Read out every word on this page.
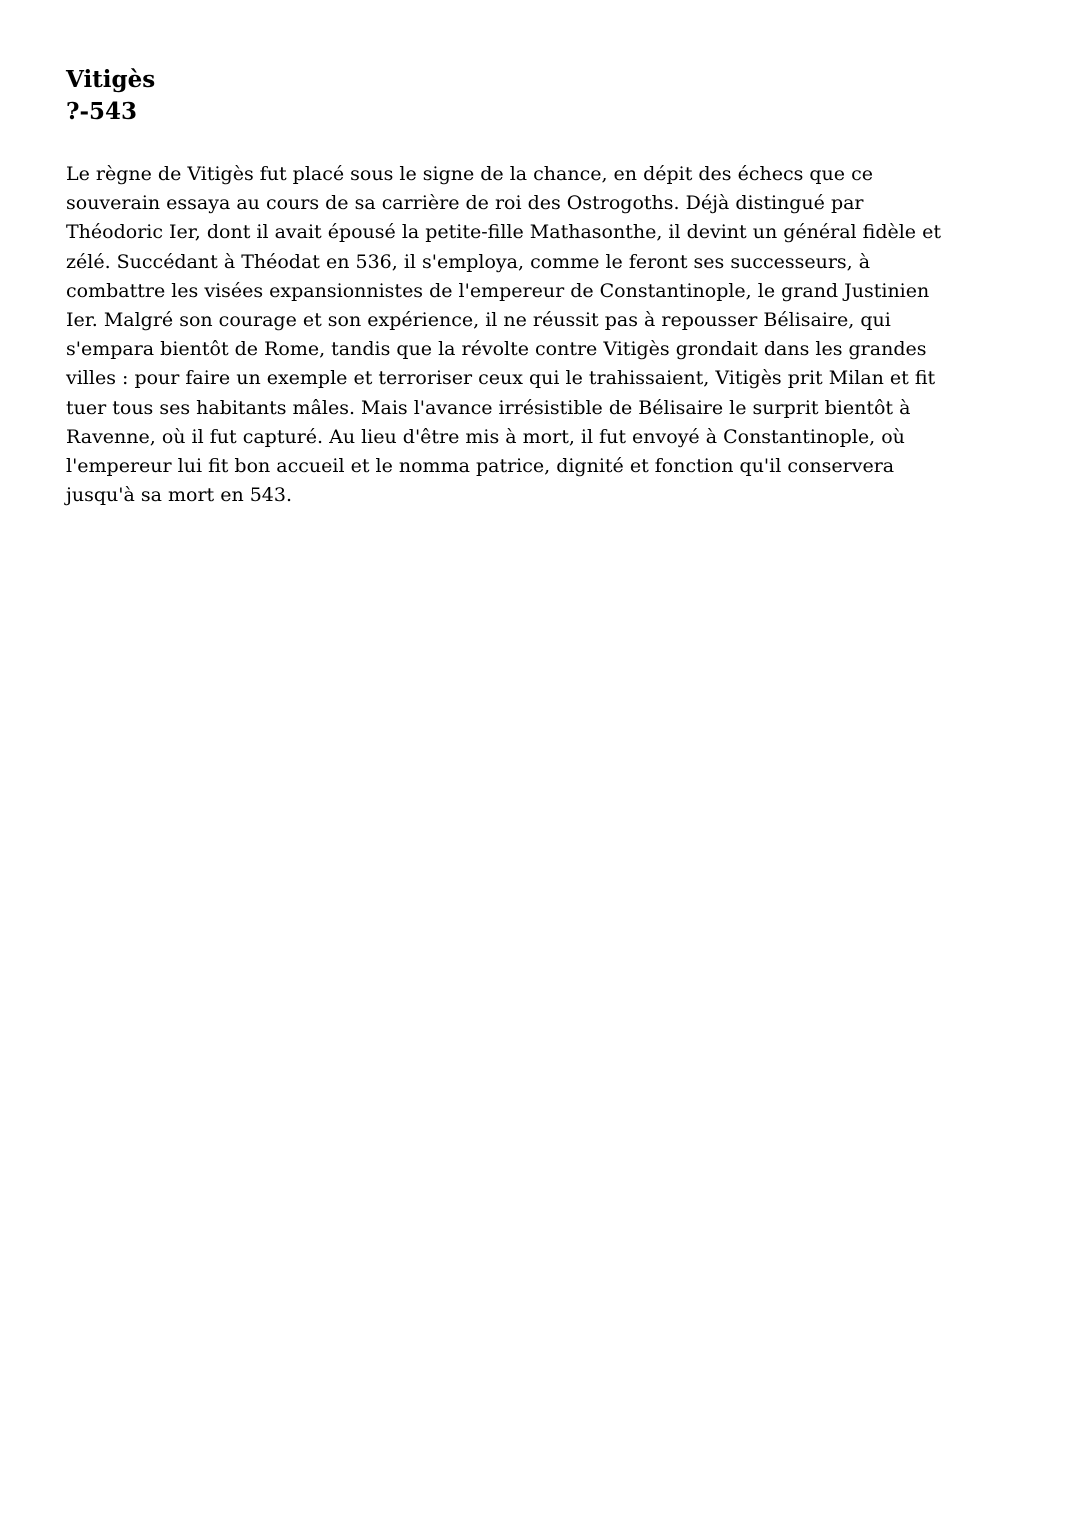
Vitigès
?-543

Le règne de Vitigès fut placé sous le signe de la chance, en dépit des échecs que ce
souverain essaya au cours de sa carrière de roi des Ostrogoths. Déjà distingué par
Théodoric Ier, dont il avait épousé la petite-fille Mathasonthe, il devint un général fidèle et
zélé. Succédant à Théodat en 536, il s'employa, comme le feront ses successeurs, à
combattre les visées expansionnistes de l'empereur de Constantinople, le grand Justinien
Ier. Malgré son courage et son expérience, il ne réussit pas à repousser Bélisaire, qui
s'empara bientôt de Rome, tandis que la révolte contre Vitigès grondait dans les grandes
villes : pour faire un exemple et terroriser ceux qui le trahissaient, Vitigès prit Milan et fit
tuer tous ses habitants mâles. Mais l'avance irrésistible de Bélisaire le surprit bientôt à
Ravenne, où il fut capturé. Au lieu d'être mis à mort, il fut envoyé à Constantinople, où
l'empereur lui fit bon accueil et le nomma patrice, dignité et fonction qu'il conservera
jusqu'à sa mort en 543.
